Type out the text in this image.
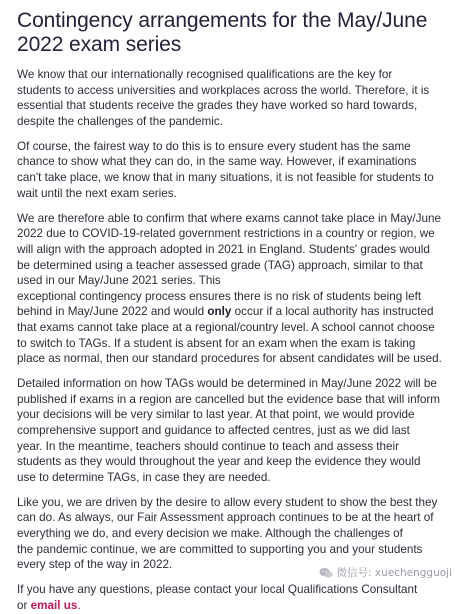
Contingency arrangements for the May/June 2022 exam series

We know that our internationally recognised qualifications are the key for
students to access universities and workplaces across the world. Therefore, it is
essential that students receive the grades they have worked so hard towards,
despite the challenges of the pandemic.

Of course, the fairest way to do this is to ensure every student has the same
chance to show what they can do, in the same way. However, if examinations
can't take place, we know that in many situations, it is not feasible for students to
wait until the next exam series.

We are therefore able to confirm that where exams cannot take place in May/June
2022 due to COVID-19-related government restrictions in a country or region, we
will align with the approach adopted in 2021 in England. Students' grades would
be determined using a teacher assessed grade (TAG) approach, similar to that
used in our May/June 2021 series. This
exceptional contingency process ensures there is no risk of students being left
behind in May/June 2022 and would only occur if a local authority has instructed
that exams cannot take place at a regional/country level. A school cannot choose
to switch to TAGs. If a student is absent for an exam when the exam is taking
place as normal, then our standard procedures for absent candidates will be used.

Detailed information on how TAGs would be determined in May/June 2022 will be
published if exams in a region are cancelled but the evidence base that will inform
your decisions will be very similar to last year. At that point, we would provide
comprehensive support and guidance to affected centres, just as we did last
year. In the meantime, teachers should continue to teach and assess their
students as they would throughout the year and keep the evidence they would
use to determine TAGs, in case they are needed.

Like you, we are driven by the desire to allow every student to show the best they
can do. As always, our Fair Assessment approach continues to be at the heart of
everything we do, and every decision we make. Although the challenges of
the pandemic continue, we are committed to supporting you and your students
every step of the way in 2022.

If you have any questions, please contact your local Qualifications Consultant
or email us.

微信号: xuechengguoji
